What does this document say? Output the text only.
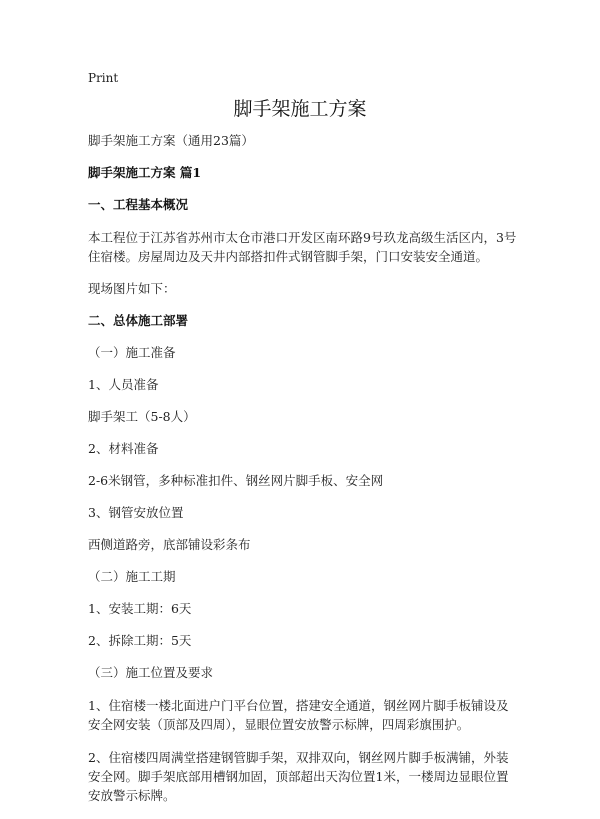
Print
脚手架施工方案

脚手架施工方案（通用23篇）

脚手架施工方案 篇1

一、工程基本概况

本工程位于江苏省苏州市太仓市港口开发区南环路9号玖龙高级生活区内，3号住宿楼。房屋周边及天井内部搭扣件式钢管脚手架，门口安装安全通道。

现场图片如下：

二、总体施工部署

（一）施工准备

1、人员准备

脚手架工（5-8人）

2、材料准备

2-6米钢管，多种标准扣件、钢丝网片脚手板、安全网

3、钢管安放位置

西侧道路旁，底部铺设彩条布

（二）施工工期

1、安装工期：6天

2、拆除工期：5天

（三）施工位置及要求

1、住宿楼一楼北面进户门平台位置，搭建安全通道，钢丝网片脚手板铺设及安全网安装（顶部及四周），显眼位置安放警示标牌，四周彩旗围护。

2、住宿楼四周满堂搭建钢管脚手架，双排双向，钢丝网片脚手板满铺，外装安全网。脚手架底部用槽钢加固，顶部超出天沟位置1米，一楼周边显眼位置安放警示标牌。
